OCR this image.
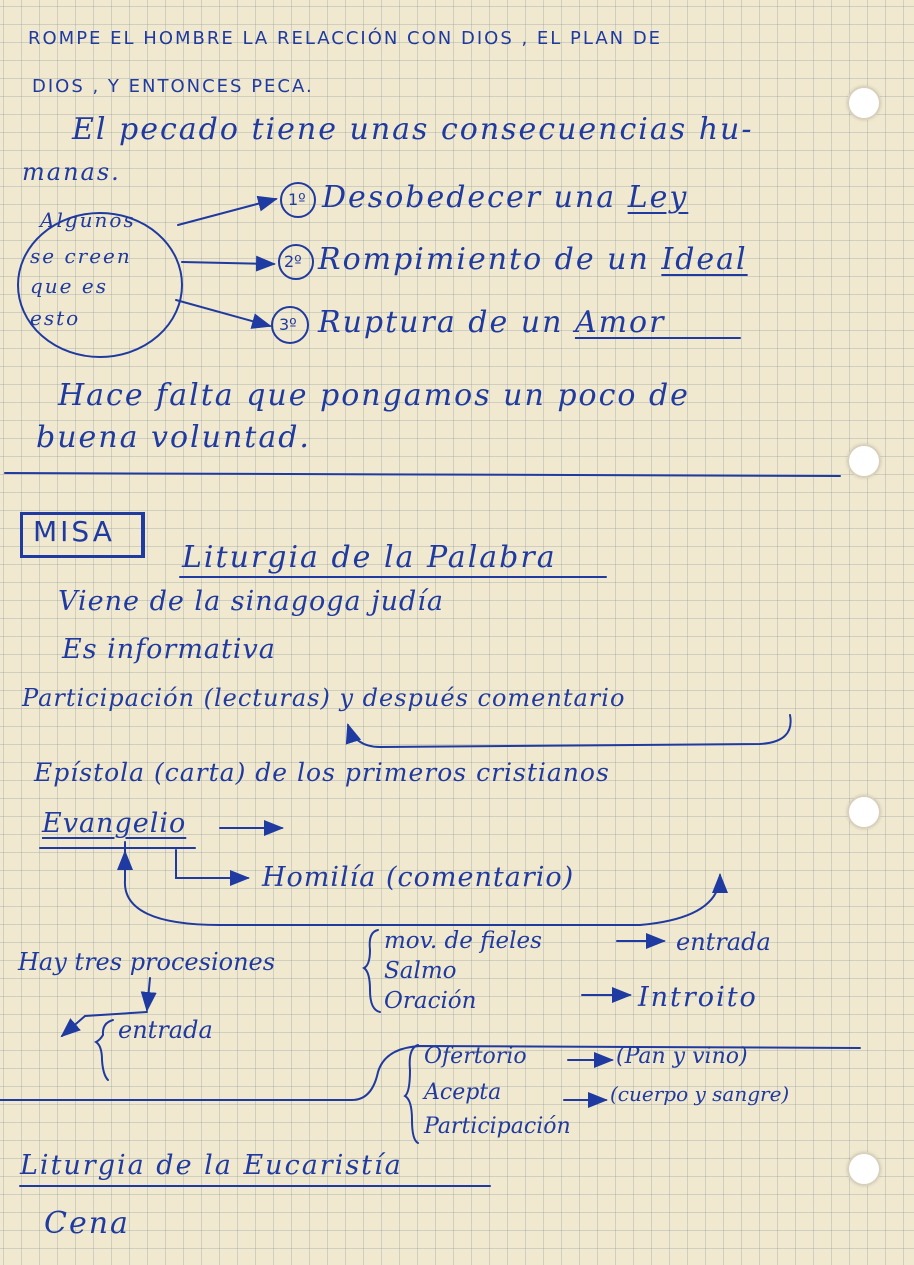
ROMPE EL HOMBRE LA RELACCIÓN CON DIOS , EL PLAN DE
DIOS , Y ENTONCES PECA.
El pecado tiene unas consecuencias hu-
manas.
Algunos
se creen
que es
esto
1º Desobedecer una Ley
2º Rompimiento de un Ideal
3º Ruptura de un Amor
Hace falta que pongamos un poco de
buena voluntad.
MISA
Liturgia de la Palabra
Viene de la sinagoga judía
Es informativa
Participación (lecturas) y después comentario
Epístola (carta) de los primeros cristianos
Evangelio
Homilía (comentario)
Hay tres procesiones
mov. de fieles
Salmo
Oración
entrada
Introito
entrada
Ofertorio
Acepta
Participación
(Pan y vino)
(cuerpo y sangre)
Liturgia de la Eucaristía
Cena
